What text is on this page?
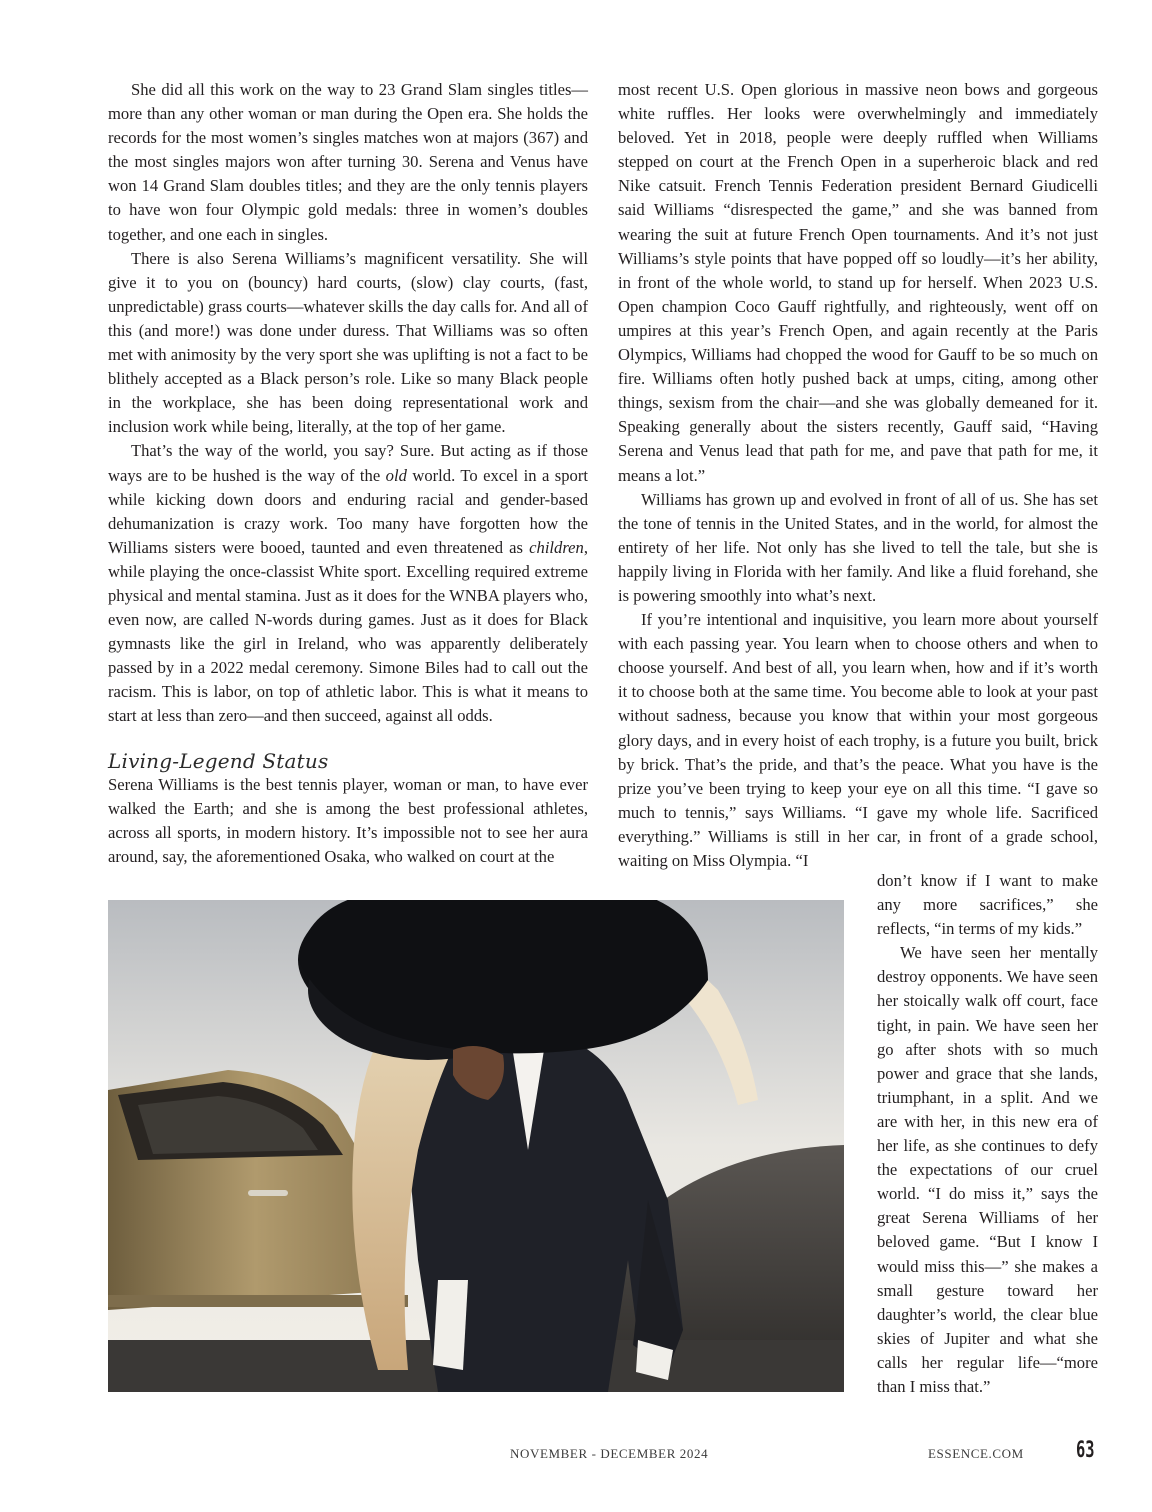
She did all this work on the way to 23 Grand Slam singles titles—more than any other woman or man during the Open era. She holds the records for the most women’s singles matches won at majors (367) and the most singles majors won after turning 30. Serena and Venus have won 14 Grand Slam doubles titles; and they are the only tennis players to have won four Olympic gold medals: three in women’s doubles together, and one each in singles.

There is also Serena Williams’s magnificent versatility. She will give it to you on (bouncy) hard courts, (slow) clay courts, (fast, unpredictable) grass courts—whatever skills the day calls for. And all of this (and more!) was done under duress. That Williams was so often met with animosity by the very sport she was uplifting is not a fact to be blithely accepted as a Black person’s role. Like so many Black people in the workplace, she has been doing representational work and inclusion work while being, literally, at the top of her game.

That’s the way of the world, you say? Sure. But acting as if those ways are to be hushed is the way of the old world. To excel in a sport while kicking down doors and enduring racial and gender-based dehumanization is crazy work. Too many have forgotten how the Williams sisters were booed, taunted and even threatened as children, while playing the once-classist White sport. Excelling required extreme physical and mental stamina. Just as it does for the WNBA players who, even now, are called N-words during games. Just as it does for Black gymnasts like the girl in Ireland, who was apparently deliberately passed by in a 2022 medal ceremony. Simone Biles had to call out the racism. This is labor, on top of athletic labor. This is what it means to start at less than zero—and then succeed, against all odds.

Living-Legend Status

Serena Williams is the best tennis player, woman or man, to have ever walked the Earth; and she is among the best professional athletes, across all sports, in modern history. It’s impossible not to see her aura around, say, the aforementioned Osaka, who walked on court at the

most recent U.S. Open glorious in massive neon bows and gorgeous white ruffles. Her looks were overwhelmingly and immediately beloved. Yet in 2018, people were deeply ruffled when Williams stepped on court at the French Open in a superheroic black and red Nike catsuit. French Tennis Federation president Bernard Giudicelli said Williams “disrespected the game,” and she was banned from wearing the suit at future French Open tournaments. And it’s not just Williams’s style points that have popped off so loudly—it’s her ability, in front of the whole world, to stand up for herself. When 2023 U.S. Open champion Coco Gauff rightfully, and righteously, went off on umpires at this year’s French Open, and again recently at the Paris Olympics, Williams had chopped the wood for Gauff to be so much on fire. Williams often hotly pushed back at umps, citing, among other things, sexism from the chair—and she was globally demeaned for it. Speaking generally about the sisters recently, Gauff said, “Having Serena and Venus lead that path for me, and pave that path for me, it means a lot.”

Williams has grown up and evolved in front of all of us. She has set the tone of tennis in the United States, and in the world, for almost the entirety of her life. Not only has she lived to tell the tale, but she is happily living in Florida with her family. And like a fluid forehand, she is powering smoothly into what’s next.

If you’re intentional and inquisitive, you learn more about yourself with each passing year. You learn when to choose others and when to choose yourself. And best of all, you learn when, how and if it’s worth it to choose both at the same time. You become able to look at your past without sadness, because you know that within your most gorgeous glory days, and in every hoist of each trophy, is a future you built, brick by brick. That’s the pride, and that’s the peace. What you have is the prize you’ve been trying to keep your eye on all this time. “I gave so much to tennis,” says Williams. “I gave my whole life. Sacrificed everything.” Williams is still in her car, in front of a grade school, waiting on Miss Olympia. “I

don’t know if I want to make any more sacrifices,” she reflects, “in terms of my kids.”

We have seen her mentally destroy opponents. We have seen her stoically walk off court, face tight, in pain. We have seen her go after shots with so much power and grace that she lands, triumphant, in a split. And we are with her, in this new era of her life, as she continues to defy the expectations of our cruel world. “I do miss it,” says the great Serena Williams of her beloved game. “But I know I would miss this—” she makes a small gesture toward her daughter’s world, the clear blue skies of Jupiter and what she calls her regular life—“more than I miss that.”

NOVEMBER - DECEMBER 2024	ESSENCE.COM 63
